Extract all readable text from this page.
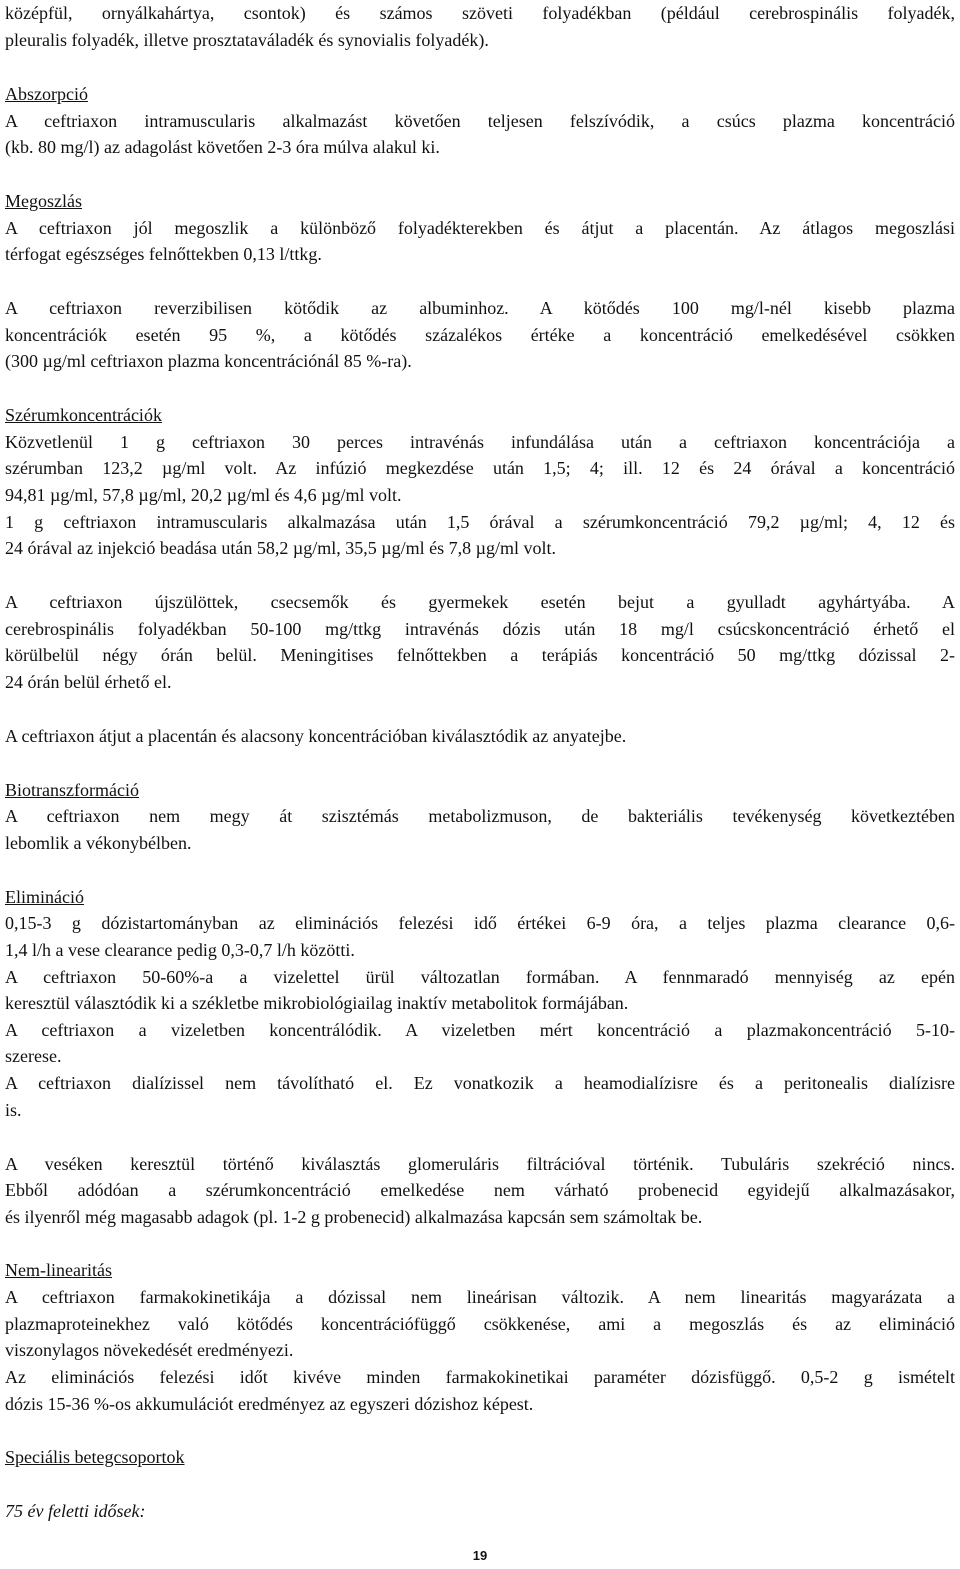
középfül, ornyálkahártya, csontok) és számos szöveti folyadékban (például cerebrospinális folyadék,
pleuralis folyadék, illetve prosztataváladék és synovialis folyadék).
Abszorpció
A ceftriaxon intramuscularis alkalmazást követően teljesen felszívódik, a csúcs plazma koncentráció
(kb. 80 mg/l) az adagolást követően 2-3 óra múlva alakul ki.
Megoszlás
A ceftriaxon jól megoszlik a különböző folyadékterekben és átjut a placentán. Az átlagos megoszlási
térfogat egészséges felnőttekben 0,13 l/ttkg.
A ceftriaxon reverzibilisen kötődik az albuminhoz. A kötődés 100 mg/l-nél kisebb plazma
koncentrációk esetén 95 %, a kötődés százalékos értéke a koncentráció emelkedésével csökken
(300 µg/ml ceftriaxon plazma koncentrációnál 85 %-ra).
Szérumkoncentrációk
Közvetlenül 1 g ceftriaxon 30 perces intravénás infundálása után a ceftriaxon koncentrációja a
szérumban 123,2 µg/ml volt. Az infúzió megkezdése után 1,5; 4; ill. 12 és 24 órával a koncentráció
94,81 µg/ml, 57,8 µg/ml, 20,2 µg/ml és 4,6 µg/ml volt.
1 g ceftriaxon intramuscularis alkalmazása után 1,5 órával a szérumkoncentráció 79,2 µg/ml; 4, 12 és
24 órával az injekció beadása után 58,2 µg/ml, 35,5 µg/ml és 7,8 µg/ml volt.
A ceftriaxon újszülöttek, csecsemők és gyermekek esetén bejut a gyulladt agyhártyába. A
cerebrospinális folyadékban 50-100 mg/ttkg intravénás dózis után 18 mg/l csúcskoncentráció érhető el
körülbelül négy órán belül. Meningitises felnőttekben a terápiás koncentráció 50 mg/ttkg dózissal 2-
24 órán belül érhető el.
A ceftriaxon átjut a placentán és alacsony koncentrációban kiválasztódik az anyatejbe.
Biotranszformáció
A ceftriaxon nem megy át szisztémás metabolizmuson, de bakteriális tevékenység következtében
lebomlik a vékonybélben.
Elimináció
0,15-3 g dózistartományban az eliminációs felezési idő értékei 6-9 óra, a teljes plazma clearance 0,6-
1,4 l/h a vese clearance pedig 0,3-0,7 l/h közötti.
A ceftriaxon 50-60%-a a vizelettel ürül változatlan formában. A fennmaradó mennyiség az epén
keresztül választódik ki a székletbe mikrobiológiailag inaktív metabolitok formájában.
A ceftriaxon a vizeletben koncentrálódik. A vizeletben mért koncentráció a plazmakoncentráció 5-10-
szerese.
A ceftriaxon dialízissel nem távolítható el. Ez vonatkozik a heamodialízisre és a peritonealis dialízisre
is.
A veséken keresztül történő kiválasztás glomeruláris filtrációval történik. Tubuláris szekréció nincs.
Ebből adódóan a szérumkoncentráció emelkedése nem várható probenecid egyidejű alkalmazásakor,
és ilyenről még magasabb adagok (pl. 1-2 g probenecid) alkalmazása kapcsán sem számoltak be.
Nem-linearitás
A ceftriaxon farmakokinetikája a dózissal nem lineárisan változik. A nem linearitás magyarázata a
plazmaproteinekhez való kötődés koncentrációfüggő csökkenése, ami a megoszlás és az elimináció
viszonylagos növekedését eredményezi.
Az eliminációs felezési időt kivéve minden farmakokinetikai paraméter dózisfüggő. 0,5-2 g ismételt
dózis 15-36 %-os akkumulációt eredményez az egyszeri dózishoz képest.
Speciális betegcsoportok
75 év feletti idősek:
19
